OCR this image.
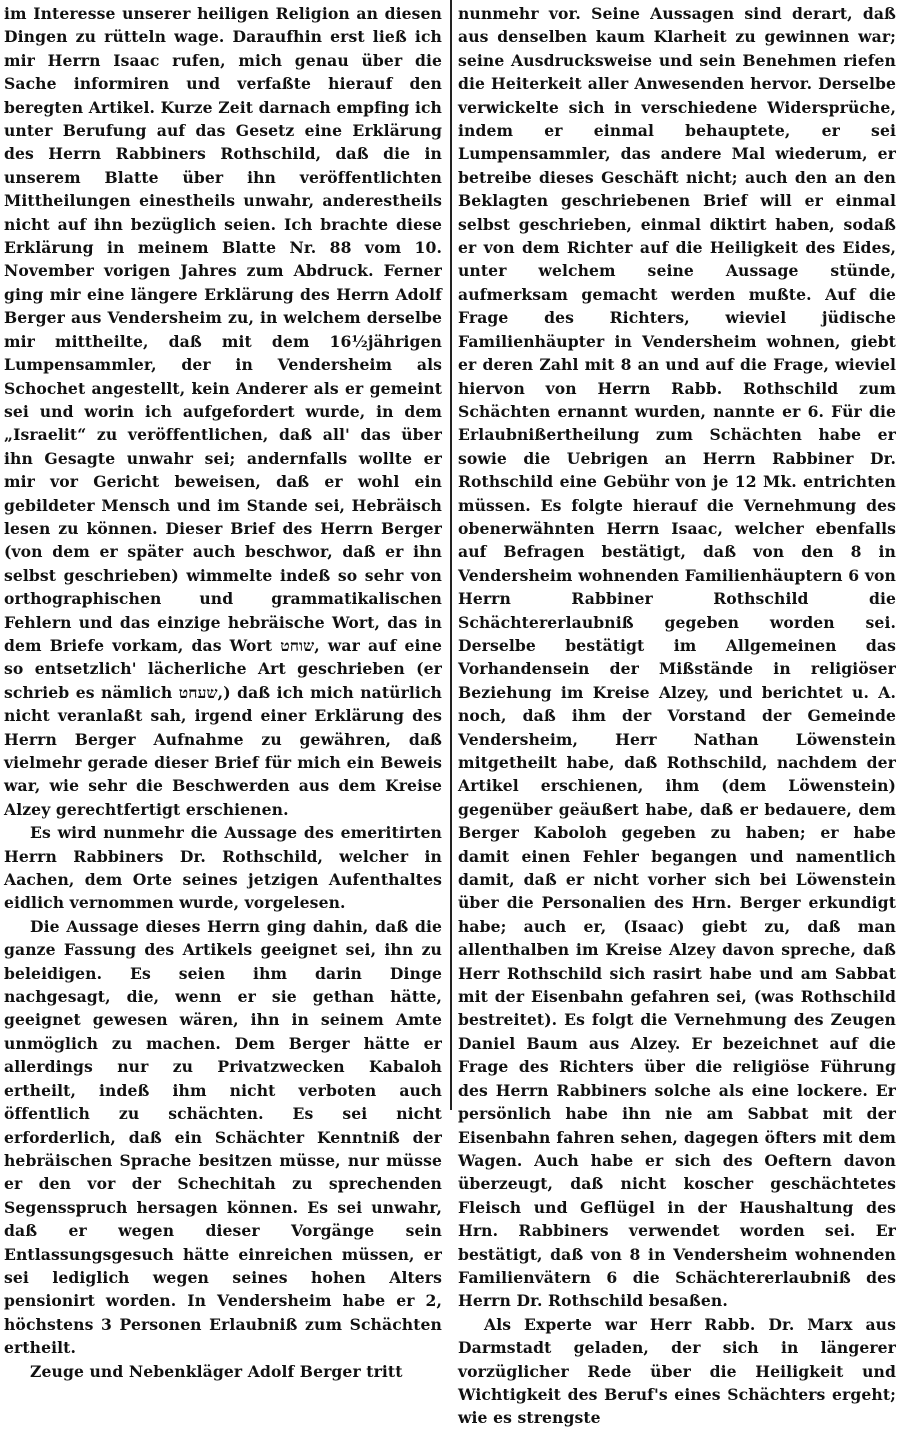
im Interesse unserer heiligen Religion an diesen Dingen zu rütteln wage. Daraufhin erst ließ ich mir Herrn Isaac rufen, mich genau über die Sache informiren und verfaßte hierauf den beregten Artikel. Kurze Zeit darnach empfing ich unter Berufung auf das Gesetz eine Erklärung des Herrn Rabbiners Rothschild, daß die in unserem Blatte über ihn veröffentlichten Mittheilungen einestheils unwahr, anderestheils nicht auf ihn bezüglich seien. Ich brachte diese Erklärung in meinem Blatte Nr. 88 vom 10. November vorigen Jahres zum Abdruck. Ferner ging mir eine längere Erklärung des Herrn Adolf Berger aus Vendersheim zu, in welchem derselbe mir mittheilte, daß mit dem 16½jährigen Lumpensammler, der in Vendersheim als Schochet angestellt, kein Anderer als er gemeint sei und worin ich aufgefordert wurde, in dem „Israelit“ zu veröffentlichen, daß all' das über ihn Gesagte unwahr sei; andernfalls wollte er mir vor Gericht beweisen, daß er wohl ein gebildeter Mensch und im Stande sei, Hebräisch lesen zu können. Dieser Brief des Herrn Berger (von dem er später auch beschwor, daß er ihn selbst geschrieben) wimmelte indeß so sehr von orthographischen und grammatikalischen Fehlern und das einzige hebräische Wort, das in dem Briefe vorkam, das Wort שוחט, war auf eine so entsetzlich' lächerliche Art geschrieben (er schrieb es nämlich שעחט,) daß ich mich natürlich nicht veranlaßt sah, irgend einer Erklärung des Herrn Berger Aufnahme zu gewähren, daß vielmehr gerade dieser Brief für mich ein Beweis war, wie sehr die Beschwerden aus dem Kreise Alzey gerechtfertigt erschienen.

Es wird nunmehr die Aussage des emeritirten Herrn Rabbiners Dr. Rothschild, welcher in Aachen, dem Orte seines jetzigen Aufenthaltes eidlich vernommen wurde, vorgelesen.

Die Aussage dieses Herrn ging dahin, daß die ganze Fassung des Artikels geeignet sei, ihn zu beleidigen. Es seien ihm darin Dinge nachgesagt, die, wenn er sie gethan hätte, geeignet gewesen wären, ihn in seinem Amte unmöglich zu machen. Dem Berger hätte er allerdings nur zu Privatzwecken Kabaloh ertheilt, indeß ihm nicht verboten auch öffentlich zu schächten. Es sei nicht erforderlich, daß ein Schächter Kenntniß der hebräischen Sprache besitzen müsse, nur müsse er den vor der Schechitah zu sprechenden Segensspruch hersagen können. Es sei unwahr, daß er wegen dieser Vorgänge sein Entlassungsgesuch hätte einreichen müssen, er sei lediglich wegen seines hohen Alters pensionirt worden. In Vendersheim habe er 2, höchstens 3 Personen Erlaubniß zum Schächten ertheilt.

Zeuge und Nebenkläger Adolf Berger tritt

nunmehr vor. Seine Aussagen sind derart, daß aus denselben kaum Klarheit zu gewinnen war; seine Ausdrucksweise und sein Benehmen riefen die Heiterkeit aller Anwesenden hervor. Derselbe verwickelte sich in verschiedene Widersprüche, indem er einmal behauptete, er sei Lumpensammler, das andere Mal wiederum, er betreibe dieses Geschäft nicht; auch den an den Beklagten geschriebenen Brief will er einmal selbst geschrieben, einmal diktirt haben, sodaß er von dem Richter auf die Heiligkeit des Eides, unter welchem seine Aussage stünde, aufmerksam gemacht werden mußte. Auf die Frage des Richters, wieviel jüdische Familienhäupter in Vendersheim wohnen, giebt er deren Zahl mit 8 an und auf die Frage, wieviel hiervon von Herrn Rabb. Rothschild zum Schächten ernannt wurden, nannte er 6. Für die Erlaubnißertheilung zum Schächten habe er sowie die Uebrigen an Herrn Rabbiner Dr. Rothschild eine Gebühr von je 12 Mk. entrichten müssen. Es folgte hierauf die Vernehmung des obenerwähnten Herrn Isaac, welcher ebenfalls auf Befragen bestätigt, daß von den 8 in Vendersheim wohnenden Familienhäuptern 6 von Herrn Rabbiner Rothschild die Schächtererlaubniß gegeben worden sei. Derselbe bestätigt im Allgemeinen das Vorhandensein der Mißstände in religiöser Beziehung im Kreise Alzey, und berichtet u. A. noch, daß ihm der Vorstand der Gemeinde Vendersheim, Herr Nathan Löwenstein mitgetheilt habe, daß Rothschild, nachdem der Artikel erschienen, ihm (dem Löwenstein) gegenüber geäußert habe, daß er bedauere, dem Berger Kaboloh gegeben zu haben; er habe damit einen Fehler begangen und namentlich damit, daß er nicht vorher sich bei Löwenstein über die Personalien des Hrn. Berger erkundigt habe; auch er, (Isaac) giebt zu, daß man allenthalben im Kreise Alzey davon spreche, daß Herr Rothschild sich rasirt habe und am Sabbat mit der Eisenbahn gefahren sei, (was Rothschild bestreitet). Es folgt die Vernehmung des Zeugen Daniel Baum aus Alzey. Er bezeichnet auf die Frage des Richters über die religiöse Führung des Herrn Rabbiners solche als eine lockere. Er persönlich habe ihn nie am Sabbat mit der Eisenbahn fahren sehen, dagegen öfters mit dem Wagen. Auch habe er sich des Oeftern davon überzeugt, daß nicht koscher geschächtetes Fleisch und Geflügel in der Haushaltung des Hrn. Rabbiners verwendet worden sei. Er bestätigt, daß von 8 in Vendersheim wohnenden Familienvätern 6 die Schächtererlaubniß des Herrn Dr. Rothschild besaßen.

Als Experte war Herr Rabb. Dr. Marx aus Darmstadt geladen, der sich in längerer vorzüglicher Rede über die Heiligkeit und Wichtigkeit des Beruf's eines Schächters ergeht; wie es strengste
